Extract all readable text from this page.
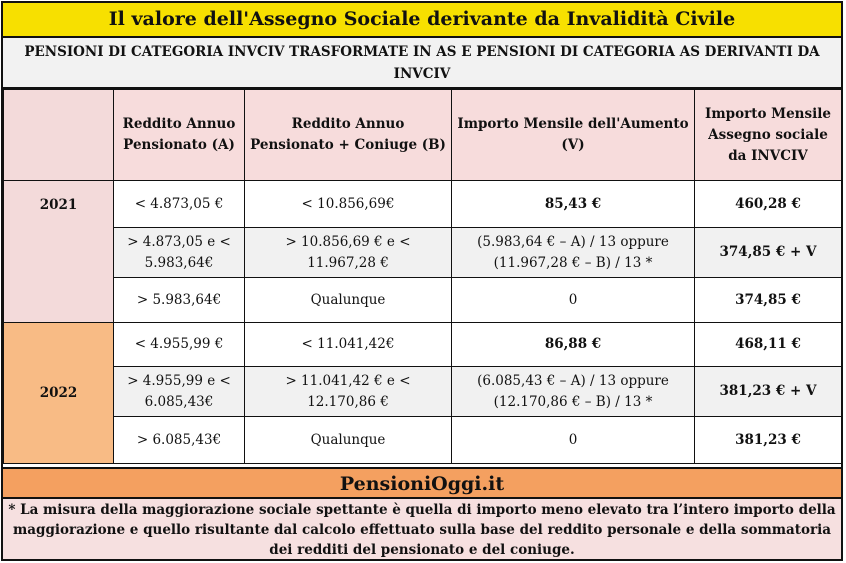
Il valore dell'Assegno Sociale derivante da Invalidità Civile
PENSIONI DI CATEGORIA INVCIV TRASFORMATE IN AS E PENSIONI DI CATEGORIA AS DERIVANTI DA INVCIV
	Reddito Annuo Pensionato (A)	Reddito Annuo Pensionato + Coniuge (B)	Importo Mensile dell'Aumento (V)	Importo Mensile Assegno sociale da INVCIV
2021	< 4.873,05 €	< 10.856,69€	85,43 €	460,28 €
	> 4.873,05 e < 5.983,64€	> 10.856,69 € e < 11.967,28 €	(5.983,64 € – A) / 13 oppure (11.967,28 € – B) / 13 *	374,85 € + V
	> 5.983,64€	Qualunque	0	374,85 €
2022	< 4.955,99 €	< 11.041,42€	86,88 €	468,11 €
	> 4.955,99 e < 6.085,43€	> 11.041,42 € e < 12.170,86 €	(6.085,43 € – A) / 13 oppure (12.170,86 € – B) / 13 *	381,23 € + V
	> 6.085,43€	Qualunque	0	381,23 €
PensioniOggi.it
* La misura della maggiorazione sociale spettante è quella di importo meno elevato tra l’intero importo della maggiorazione e quello risultante dal calcolo effettuato sulla base del reddito personale e della sommatoria dei redditi del pensionato e del coniuge.
